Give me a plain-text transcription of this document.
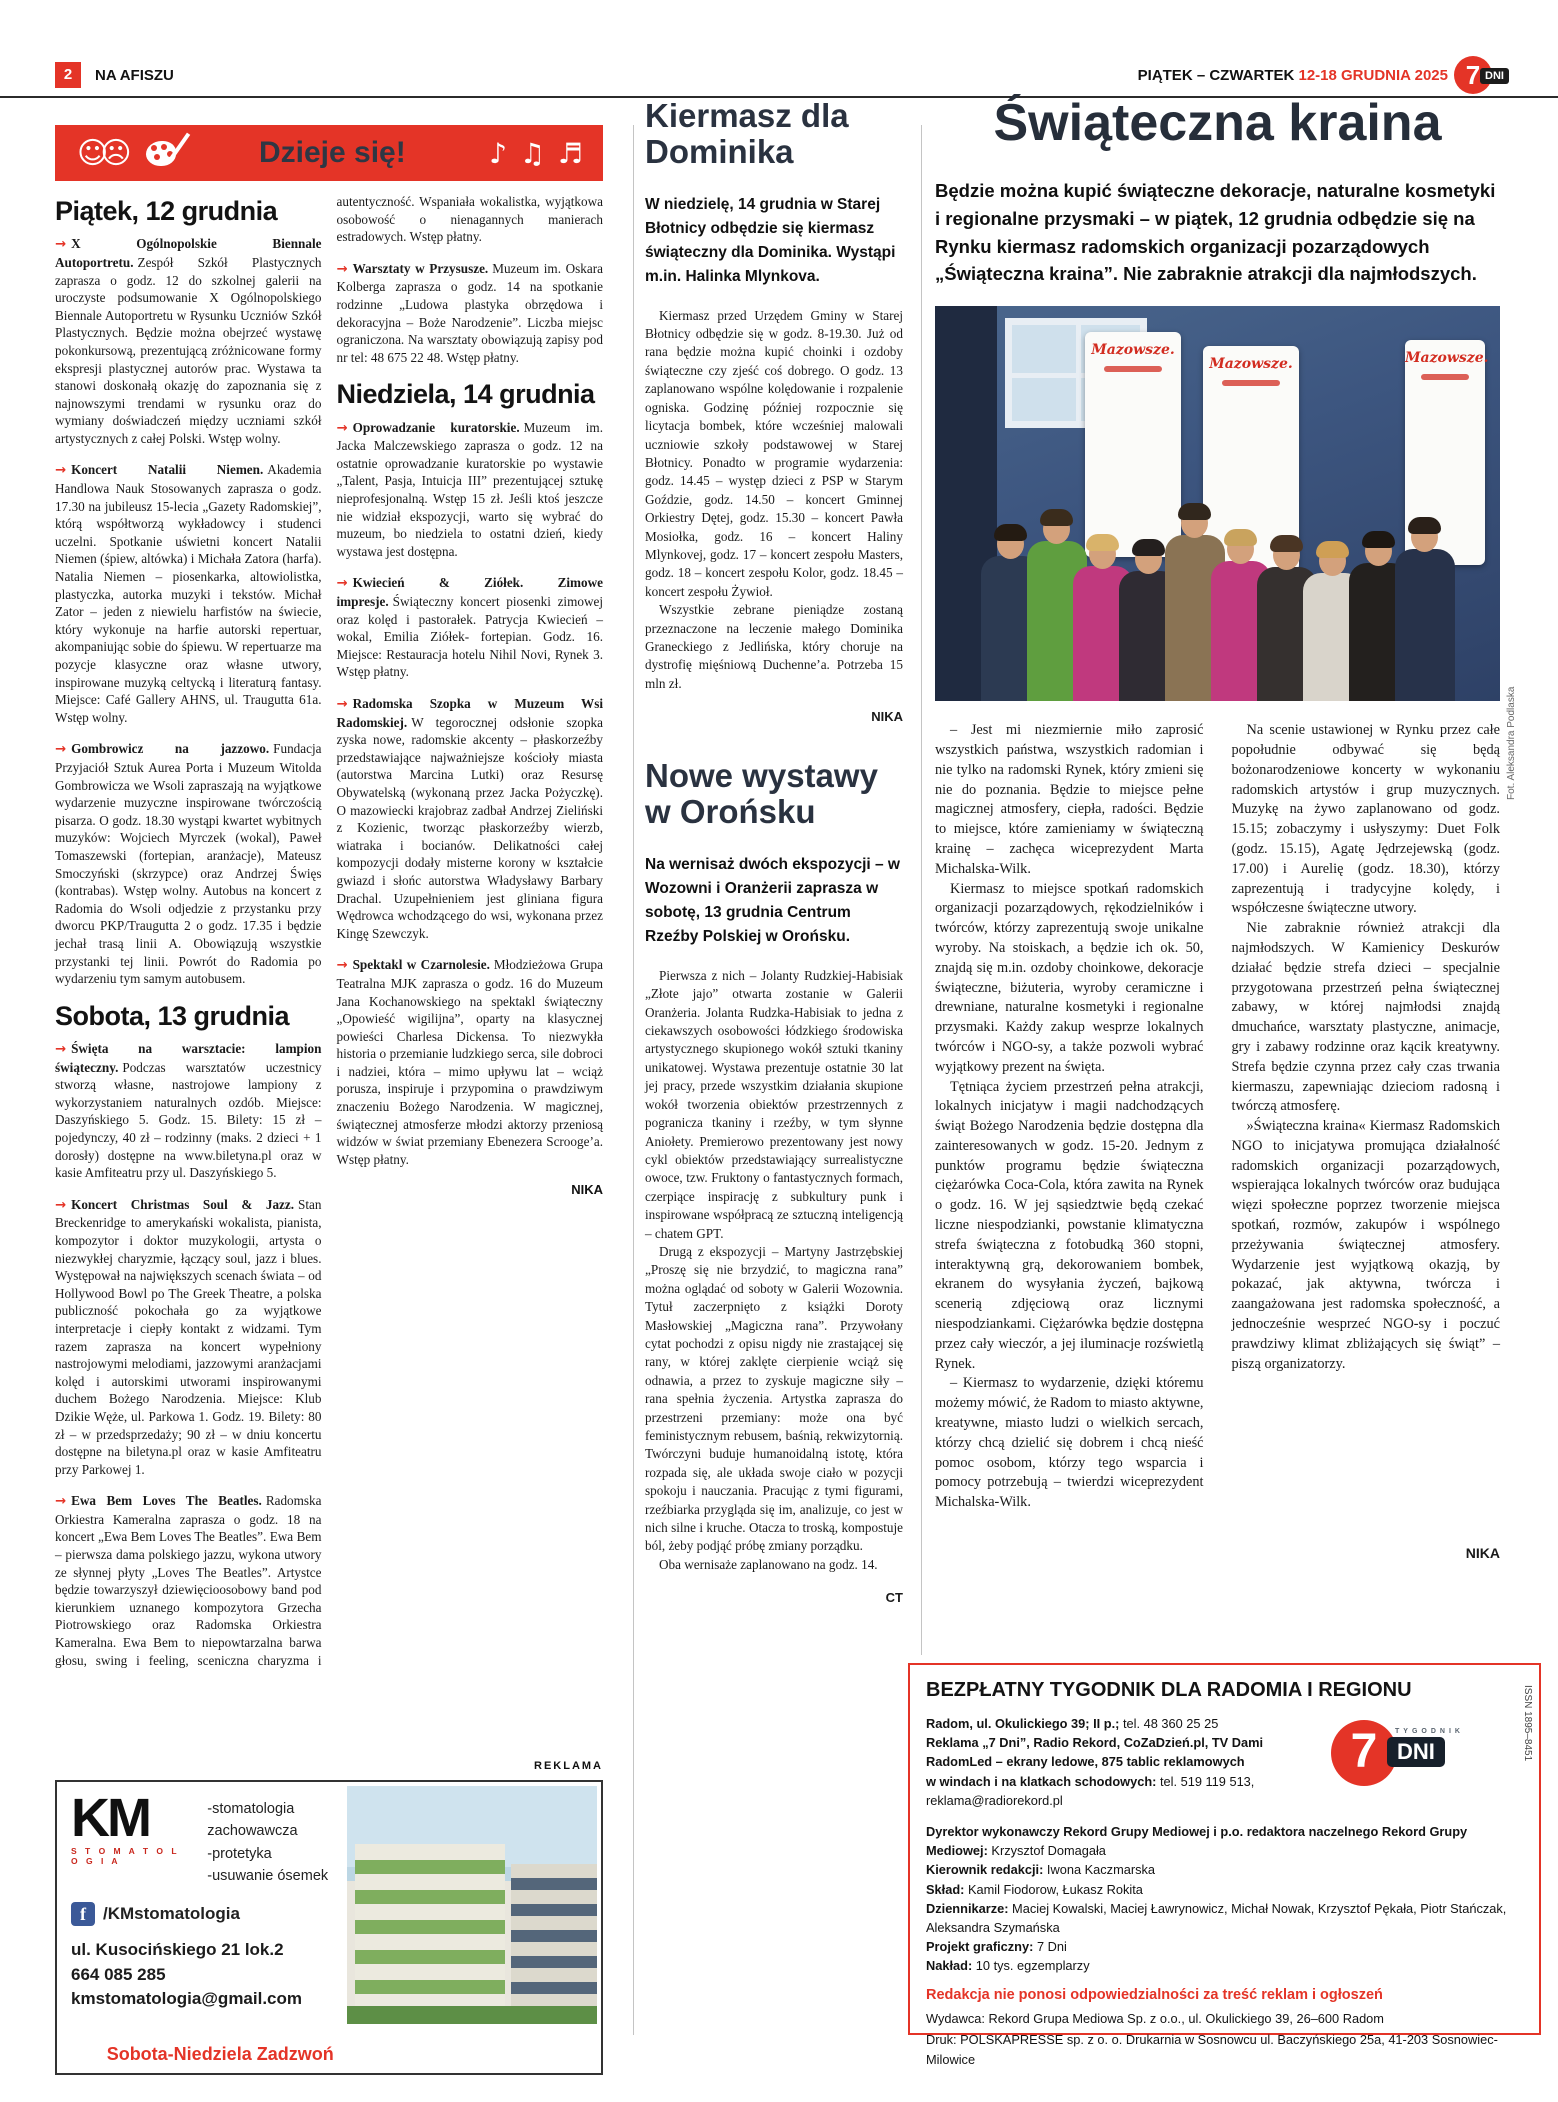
2	NA AFISZU	PIĄTEK – CZWARTEK 12-18 GRUDNIA 2025 7 DNI
☺☹	Dzieje się!	♪ ♫ ♬
Piątek, 12 grudnia

→ X Ogólnopolskie Biennale Autoportretu. Zespół Szkół Plastycznych zaprasza o godz. 12 do szkolnej galerii na uroczyste podsumowanie X Ogólnopolskiego Biennale Autoportretu w Rysunku Uczniów Szkół Plastycznych. Będzie można obejrzeć wystawę pokonkursową, prezentującą zróżnicowane formy ekspresji plastycznej autorów prac. Wystawa ta stanowi doskonałą okazję do zapoznania się z najnowszymi trendami w rysunku oraz do wymiany doświadczeń między uczniami szkół artystycznych z całej Polski. Wstęp wolny.

→ Koncert Natalii Niemen. Akademia Handlowa Nauk Stosowanych zaprasza o godz. 17.30 na jubileusz 15-lecia „Gazety Radomskiej”, którą współtworzą wykładowcy i studenci uczelni. Spotkanie uświetni koncert Natalii Niemen (śpiew, altówka) i Michała Zatora (harfa). Natalia Niemen – piosenkarka, altowiolistka, plastyczka, autorka muzyki i tekstów. Michał Zator – jeden z niewielu harfistów na świecie, który wykonuje na harfie autorski repertuar, akompaniując sobie do śpiewu. W repertuarze ma pozycje klasyczne oraz własne utwory, inspirowane muzyką celtycką i literaturą fantasy. Miejsce: Café Gallery AHNS, ul. Traugutta 61a. Wstęp wolny.

→ Gombrowicz na jazzowo. Fundacja Przyjaciół Sztuk Aurea Porta i Muzeum Witolda Gombrowicza we Wsoli zapraszają na wyjątkowe wydarzenie muzyczne inspirowane twórczością pisarza. O godz. 18.30 wystąpi kwartet wybitnych muzyków: Wojciech Myrczek (wokal), Paweł Tomaszewski (fortepian, aranżacje), Mateusz Smoczyński (skrzypce) oraz Andrzej Święs (kontrabas). Wstęp wolny. Autobus na koncert z Radomia do Wsoli odjedzie z przystanku przy dworcu PKP/Traugutta 2 o godz. 17.35 i będzie jechał trasą linii A. Obowiązują wszystkie przystanki tej linii. Powrót do Radomia po wydarzeniu tym samym autobusem.

Sobota, 13 grudnia

→ Święta na warsztacie: lampion świąteczny. Podczas warsztatów uczestnicy stworzą własne, nastrojowe lampiony z wykorzystaniem naturalnych ozdób. Miejsce: Daszyńskiego 5. Godz. 15. Bilety: 15 zł – pojedynczy, 40 zł – rodzinny (maks. 2 dzieci + 1 dorosły) dostępne na www.biletyna.pl oraz w kasie Amfiteatru przy ul. Daszyńskiego 5.

→ Koncert Christmas Soul & Jazz. Stan Breckenridge to amerykański wokalista, pianista, kompozytor i doktor muzykologii, artysta o niezwykłej charyzmie, łączący soul, jazz i blues. Występował na największych scenach świata – od Hollywood Bowl po The Greek Theatre, a polska publiczność pokochała go za wyjątkowe interpretacje i ciepły kontakt z widzami. Tym razem zaprasza na koncert wypełniony nastrojowymi melodiami, jazzowymi aranżacjami kolęd i autorskimi utworami inspirowanymi duchem Bożego Narodzenia. Miejsce: Klub Dzikie Węże, ul. Parkowa 1. Godz. 19. Bilety: 80 zł – w przedsprzedaży; 90 zł – w dniu koncertu dostępne na biletyna.pl oraz w kasie Amfiteatru przy Parkowej 1.

→ Ewa Bem Loves The Beatles. Radomska Orkiestra Kameralna zaprasza o godz. 18 na koncert „Ewa Bem Loves The Beatles”. Ewa Bem – pierwsza dama polskiego jazzu, wykona utwory ze słynnej płyty „Loves The Beatles”. Artystce będzie towarzyszył dziewięcioosobowy band pod kierunkiem uznanego kompozytora Grzecha Piotrowskiego oraz Radomska Orkiestra Kameralna. Ewa Bem to niepowtarzalna barwa głosu, swing i feeling, sceniczna charyzma i autentyczność. Wspaniała wokalistka, wyjątkowa osobowość o nienagannych manierach estradowych. Wstęp płatny.

→ Warsztaty w Przysusze. Muzeum im. Oskara Kolberga zaprasza o godz. 14 na spotkanie rodzinne „Ludowa plastyka obrzędowa i dekoracyjna – Boże Narodzenie”. Liczba miejsc ograniczona. Na warsztaty obowiązują zapisy pod nr tel: 48 675 22 48. Wstęp płatny.

Niedziela, 14 grudnia

→ Oprowadzanie kuratorskie. Muzeum im. Jacka Malczewskiego zaprasza o godz. 12 na ostatnie oprowadzanie kuratorskie po wystawie „Talent, Pasja, Intuicja III” prezentującej sztukę nieprofesjonalną. Wstęp 15 zł. Jeśli ktoś jeszcze nie widział ekspozycji, warto się wybrać do muzeum, bo niedziela to ostatni dzień, kiedy wystawa jest dostępna.

→ Kwiecień & Ziółek. Zimowe impresje. Świąteczny koncert piosenki zimowej oraz kolęd i pastorałek. Patrycja Kwiecień – wokal, Emilia Ziółek- fortepian. Godz. 16. Miejsce: Restauracja hotelu Nihil Novi, Rynek 3. Wstęp płatny.

→ Radomska Szopka w Muzeum Wsi Radomskiej. W tegorocznej odsłonie szopka zyska nowe, radomskie akcenty – płaskorzeźby przedstawiające najważniejsze kościoły miasta (autorstwa Marcina Lutki) oraz Resursę Obywatelską (wykonaną przez Jacka Pożyczkę). O mazowiecki krajobraz zadbał Andrzej Zieliński z Kozienic, tworząc płaskorzeźby wierzb, wiatraka i bocianów. Delikatności całej kompozycji dodały misterne korony w kształcie gwiazd i słońc autorstwa Władysławy Barbary Drachal. Uzupełnieniem jest gliniana figura Wędrowca wchodzącego do wsi, wykonana przez Kingę Szewczyk.

→ Spektakl w Czarnolesie. Młodzieżowa Grupa Teatralna MJK zaprasza o godz. 16 do Muzeum Jana Kochanowskiego na spektakl świąteczny „Opowieść wigilijna”, oparty na klasycznej powieści Charlesa Dickensa. To niezwykła historia o przemianie ludzkiego serca, sile dobroci i nadziei, która – mimo upływu lat – wciąż porusza, inspiruje i przypomina o prawdziwym znaczeniu Bożego Narodzenia. W magicznej, świątecznej atmosferze młodzi aktorzy przeniosą widzów w świat przemiany Ebenezera Scrooge’a. Wstęp płatny.

NIKA
REKLAMA
KM
S T O M A T O L O G I A
-stomatologia zachowawcza
-protetyka
-usuwanie ósemek
f	/KMstomatologia
ul. Kusocińskiego 21 lok.2
664 085 285
kmstomatologia@gmail.com
Sobota-Niedziela Zadzwoń
Kiermasz dla Dominika
W niedzielę, 14 grudnia w Starej Błotnicy odbędzie się kiermasz świąteczny dla Dominika. Wystąpi m.in. Halinka Mlynkova.

Kiermasz przed Urzędem Gminy w Starej Błotnicy odbędzie się w godz. 8-19.30. Już od rana będzie można kupić choinki i ozdoby świąteczne czy zjeść coś dobrego. O godz. 13 zaplanowano wspólne kolędowanie i rozpalenie ogniska. Godzinę później rozpocznie się licytacja bombek, które wcześniej malowali uczniowie szkoły podstawowej w Starej Błotnicy. Ponadto w programie wydarzenia: godz. 14.45 – występ dzieci z PSP w Starym Goździe, godz. 14.50 – koncert Gminnej Orkiestry Dętej, godz. 15.30 – koncert Pawła Mosiołka, godz. 16 – koncert Haliny Mlynkovej, godz. 17 – koncert zespołu Masters, godz. 18 – koncert zespołu Kolor, godz. 18.45 – koncert zespołu Żywioł.

Wszystkie zebrane pieniądze zostaną przeznaczone na leczenie małego Dominika Graneckiego z Jedlińska, który choruje na dystrofię mięśniową Duchenne’a. Potrzeba 15 mln zł.

NIKA
Nowe wystawy w Orońsku
Na wernisaż dwóch ekspozycji – w Wozowni i Oranżerii zaprasza w sobotę, 13 grudnia Centrum Rzeźby Polskiej w Orońsku.

Pierwsza z nich – Jolanty Rudzkiej-Habisiak „Złote jajo” otwarta zostanie w Galerii Oranżeria. Jolanta Rudzka-Habisiak to jedna z ciekawszych osobowości łódzkiego środowiska artystycznego skupionego wokół sztuki tkaniny unikatowej. Wystawa prezentuje ostatnie 30 lat jej pracy, przede wszystkim działania skupione wokół tworzenia obiektów przestrzennych z pogranicza tkaniny i rzeźby, w tym słynne Aniołety. Premierowo prezentowany jest nowy cykl obiektów przedstawiający surrealistyczne owoce, tzw. Fruktony o fantastycznych formach, czerpiące inspirację z subkultury punk i inspirowane współpracą ze sztuczną inteligencją – chatem GPT.

Drugą z ekspozycji – Martyny Jastrzębskiej „Proszę się nie brzydzić, to magiczna rana” można oglądać od soboty w Galerii Wozownia. Tytuł zaczerpnięto z książki Doroty Masłowskiej „Magiczna rana”. Przywołany cytat pochodzi z opisu nigdy nie zrastającej się rany, w której zaklęte cierpienie wciąż się odnawia, a przez to zyskuje magiczne siły – rana spełnia życzenia. Artystka zaprasza do przestrzeni przemiany: może ona być feministycznym rebusem, baśnią, rekwizytornią. Twórczyni buduje humanoidalną istotę, która rozpada się, ale układa swoje ciało w pozycji spokoju i nauczania. Pracując z tymi figurami, rzeźbiarka przygląda się im, analizuje, co jest w nich silne i kruche. Otacza to troską, kompostuje ból, żeby podjąć próbę zmiany porządku.

Oba wernisaże zaplanowano na godz. 14.

CT
Świąteczna kraina
Będzie można kupić świąteczne dekoracje, naturalne kosmetyki i regionalne przysmaki – w piątek, 12 grudnia odbędzie się na Rynku kiermasz radomskich organizacji pozarządowych „Świąteczna kraina”. Nie zabraknie atrakcji dla najmłodszych.
Mazowsze.
Mazowsze.	Mazowsze.

– Jest mi niezmiernie miło zaprosić wszystkich państwa, wszystkich radomian i nie tylko na radomski Rynek, który zmieni się nie do poznania. Będzie to miejsce pełne magicznej atmosfery, ciepła, radości. Będzie to miejsce, które zamieniamy w świąteczną krainę – zachęca wiceprezydent Marta Michalska-Wilk.

Kiermasz to miejsce spotkań radomskich organizacji pozarządowych, rękodzielników i twórców, którzy zaprezentują swoje unikalne wyroby. Na stoiskach, a będzie ich ok. 50, znajdą się m.in. ozdoby choinkowe, dekoracje świąteczne, biżuteria, wyroby ceramiczne i drewniane, naturalne kosmetyki i regionalne przysmaki. Każdy zakup wesprze lokalnych twórców i NGO-sy, a także pozwoli wybrać wyjątkowy prezent na święta.

Tętniąca życiem przestrzeń pełna atrakcji, lokalnych inicjatyw i magii nadchodzących świąt Bożego Narodzenia będzie dostępna dla zainteresowanych w godz. 15-20. Jednym z punktów programu będzie świąteczna ciężarówka Coca-Cola, która zawita na Rynek o godz. 16. W jej sąsiedztwie będą czekać liczne niespodzianki, powstanie klimatyczna strefa świąteczna z fotobudką 360 stopni, interaktywną grą, dekorowaniem bombek, ekranem do wysyłania życzeń, bajkową scenerią zdjęciową oraz licznymi niespodziankami. Ciężarówka będzie dostępna przez cały wieczór, a jej iluminacje rozświetlą Rynek.

– Kiermasz to wydarzenie, dzięki któremu możemy mówić, że Radom to miasto aktywne, kreatywne, miasto ludzi o wielkich sercach, którzy chcą dzielić się dobrem i chcą nieść pomoc osobom, którzy tego wsparcia i pomocy potrzebują – twierdzi wiceprezydent Michalska-Wilk.

Na scenie ustawionej w Rynku przez całe popołudnie odbywać się będą bożonarodzeniowe koncerty w wykonaniu radomskich artystów i grup muzycznych. Muzykę na żywo zaplanowano od godz. 15.15; zobaczymy i usłyszymy: Duet Folk (godz. 15.15), Agatę Jędrzejewską (godz. 17.00) i Aurelię (godz. 18.30), którzy zaprezentują i tradycyjne kolędy, i współczesne świąteczne utwory.

Nie zabraknie również atrakcji dla najmłodszych. W Kamienicy Deskurów działać będzie strefa dzieci – specjalnie przygotowana przestrzeń pełna świątecznej zabawy, w której najmłodsi znajdą dmuchańce, warsztaty plastyczne, animacje, gry i zabawy rodzinne oraz kącik kreatywny. Strefa będzie czynna przez cały czas trwania kiermaszu, zapewniając dzieciom radosną i twórczą atmosferę.

»Świąteczna kraina« Kiermasz Radomskich NGO to inicjatywa promująca działalność radomskich organizacji pozarządowych, wspierająca lokalnych twórców oraz budująca więzi społeczne poprzez tworzenie miejsca spotkań, rozmów, zakupów i wspólnego przeżywania świątecznej atmosfery. Wydarzenie jest wyjątkową okazją, by pokazać, jak aktywna, twórcza i zaangażowana jest radomska społeczność, a jednocześnie wesprzeć NGO-sy i poczuć prawdziwy klimat zbliżających się świąt” – piszą organizatorzy.

NIKA
Fot. Aleksandra Podlaska
BEZPŁATNY TYGODNIK DLA RADOMIA I REGIONU
Radom, ul. Okulickiego 39; II p.; tel. 48 360 25 25
Reklama „7 Dni”, Radio Rekord, CoZaDzień.pl, TV Dami
RadomLed – ekrany ledowe, 875 tablic reklamowych
w windach i na klatkach schodowych: tel. 519 119 513,
reklama@radiorekord.pl
7	TYGODNIK
DNI
Dyrektor wykonawczy Rekord Grupy Mediowej i p.o. redaktora naczelnego Rekord Grupy Mediowej: Krzysztof Domagała
Kierownik redakcji: Iwona Kaczmarska
Skład: Kamil Fiodorow, Łukasz Rokita
Dziennikarze: Maciej Kowalski, Maciej Ławrynowicz, Michał Nowak, Krzysztof Pękała, Piotr Stańczak, Aleksandra Szymańska
Projekt graficzny: 7 Dni
Nakład: 10 tys. egzemplarzy
Redakcja nie ponosi odpowiedzialności za treść reklam i ogłoszeń
Wydawca: Rekord Grupa Mediowa Sp. z o.o., ul. Okulickiego 39, 26–600 Radom
Druk: POLSKAPRESSE sp. z o. o. Drukarnia w Sosnowcu ul. Baczyńskiego 25a, 41-203 Sosnowiec-Milowice
ISSN 1895–8451
